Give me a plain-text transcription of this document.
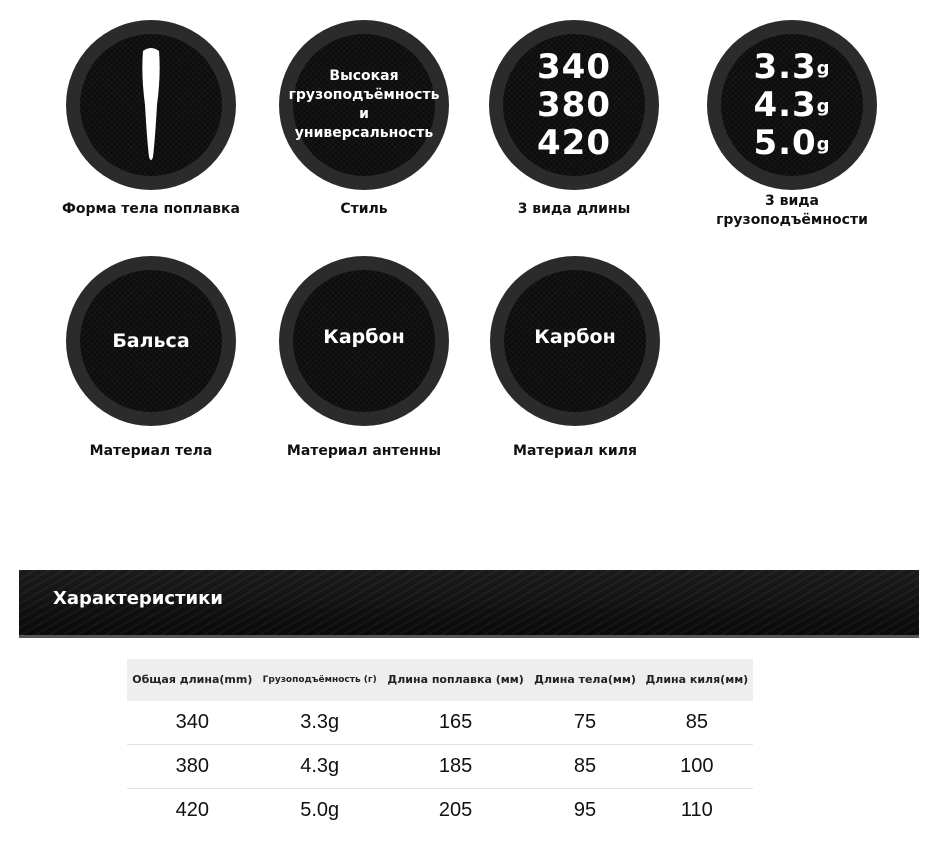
Форма тела поплавка
Высокая
грузоподъёмность
и
универсальность
Стиль
340
380
420
3 вида длины
3.3$^g$
4.3$^g$
5.0$^g$
3 вида
грузоподъёмности
Бальса
Материал тела
Карбон
Материал антенны
Карбон
Материал киля
Характеристики
Общая длина(mm)	Грузоподъёмность (г)	Длина поплавка (мм)	Длина тела(мм)	Длина киля(мм)
340	3.3g	165	75	85
380	4.3g	185	85	100
420	5.0g	205	95	110
